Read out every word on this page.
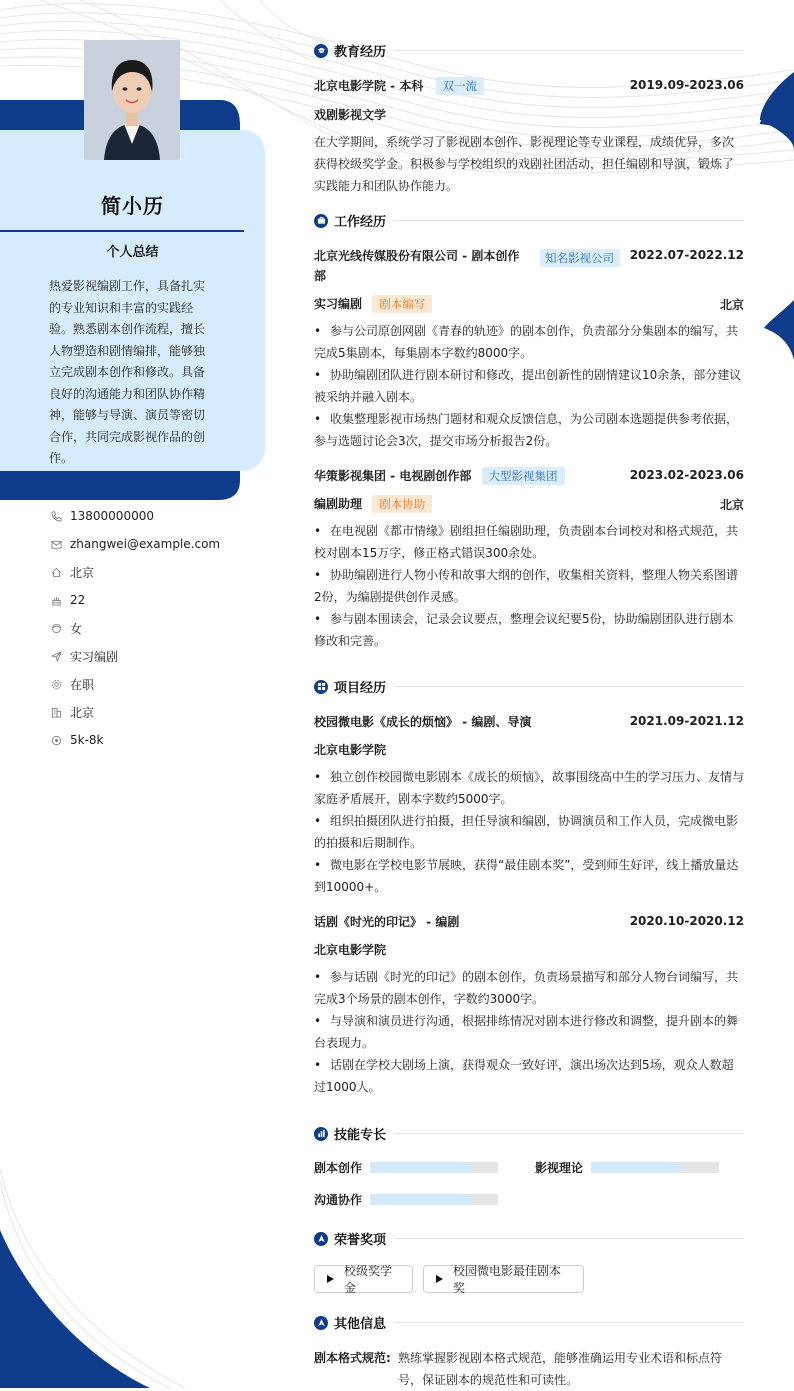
简小历
个人总结
热爱影视编剧工作，具备扎实的专业知识和丰富的实践经验。熟悉剧本创作流程，擅长人物塑造和剧情编排，能够独立完成剧本创作和修改。具备良好的沟通能力和团队协作精神，能够与导演、演员等密切合作，共同完成影视作品的创作。
13800000000
zhangwei@example.com
北京
22
女
实习编剧
在职
北京
5k-8k
教育经历
北京电影学院 - 本科 双一流	2019.09-2023.06
戏剧影视文学
在大学期间，系统学习了影视剧本创作、影视理论等专业课程，成绩优异，多次获得校级奖学金。积极参与学校组织的戏剧社团活动，担任编剧和导演，锻炼了实践能力和团队协作能力。
工作经历
北京光线传媒股份有限公司 - 剧本创作部
知名影视公司	2022.07-2022.12
实习编剧 剧本编写	北京
• 参与公司原创网剧《青春的轨迹》的剧本创作，负责部分分集剧本的编写，共完成5集剧本，每集剧本字数约8000字。
• 协助编剧团队进行剧本研讨和修改，提出创新性的剧情建议10余条，部分建议被采纳并融入剧本。
• 收集整理影视市场热门题材和观众反馈信息，为公司剧本选题提供参考依据，参与选题讨论会3次，提交市场分析报告2份。
华策影视集团 - 电视剧创作部 大型影视集团	2023.02-2023.06
编剧助理 剧本协助	北京
• 在电视剧《都市情缘》剧组担任编剧助理，负责剧本台词校对和格式规范，共校对剧本15万字，修正格式错误300余处。
• 协助编剧进行人物小传和故事大纲的创作，收集相关资料，整理人物关系图谱2份，为编剧提供创作灵感。
• 参与剧本围读会，记录会议要点，整理会议纪要5份，协助编剧团队进行剧本修改和完善。
项目经历
校园微电影《成长的烦恼》 - 编剧、导演	2021.09-2021.12
北京电影学院
• 独立创作校园微电影剧本《成长的烦恼》，故事围绕高中生的学习压力、友情与家庭矛盾展开，剧本字数约5000字。
• 组织拍摄团队进行拍摄，担任导演和编剧，协调演员和工作人员，完成微电影的拍摄和后期制作。
• 微电影在学校电影节展映，获得“最佳剧本奖”，受到师生好评，线上播放量达到10000+。
话剧《时光的印记》 - 编剧	2020.10-2020.12
北京电影学院
• 参与话剧《时光的印记》的剧本创作，负责场景描写和部分人物台词编写，共完成3个场景的剧本创作，字数约3000字。
• 与导演和演员进行沟通，根据排练情况对剧本进行修改和调整，提升剧本的舞台表现力。
• 话剧在学校大剧场上演，获得观众一致好评，演出场次达到5场，观众人数超过1000人。
技能专长
剧本创作	影视理论
沟通协作
荣誉奖项
校级奖学金
校园微电影最佳剧本奖
其他信息
剧本格式规范: 熟练掌握影视剧本格式规范，能够准确运用专业术语和标点符号，保证剧本的规范性和可读性。
